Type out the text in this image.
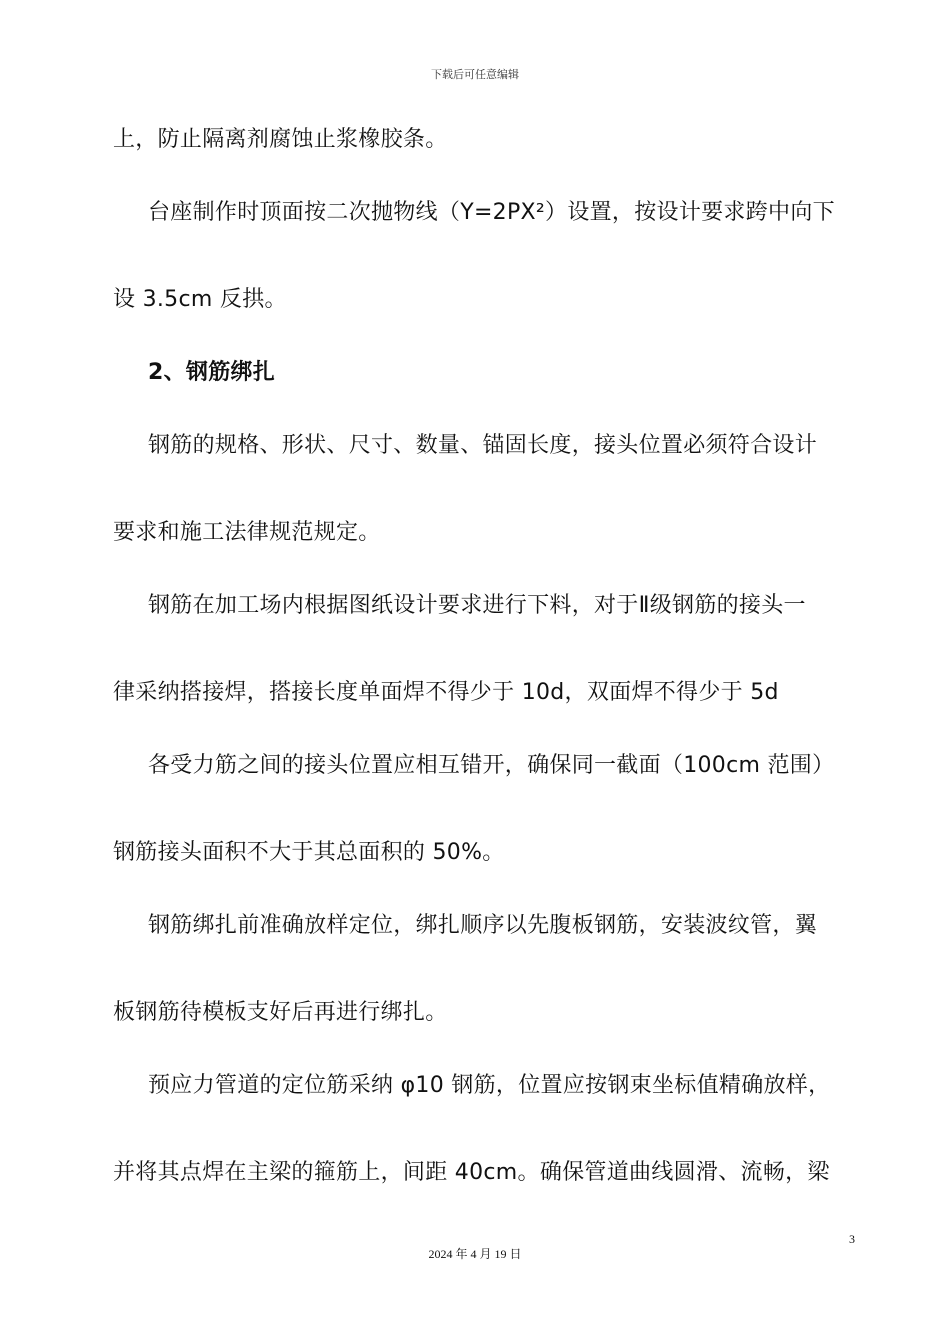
下载后可任意编辑
上，防止隔离剂腐蚀止浆橡胶条。
台座制作时顶面按二次抛物线（Y=2PX²）设置，按设计要求跨中向下
设 3.5cm 反拱。
2、钢筋绑扎
钢筋的规格、形状、尺寸、数量、锚固长度，接头位置必须符合设计
要求和施工法律规范规定。
钢筋在加工场内根据图纸设计要求进行下料，对于Ⅱ级钢筋的接头一
律采纳搭接焊，搭接长度单面焊不得少于 10d，双面焊不得少于 5d
各受力筋之间的接头位置应相互错开，确保同一截面（100cm 范围）
钢筋接头面积不大于其总面积的 50%。
钢筋绑扎前准确放样定位，绑扎顺序以先腹板钢筋，安装波纹管，翼
板钢筋待模板支好后再进行绑扎。
预应力管道的定位筋采纳 φ10 钢筋，位置应按钢束坐标值精确放样，
并将其点焊在主梁的箍筋上，间距 40cm。确保管道曲线圆滑、流畅，梁
3
2024 年 4 月 19 日
